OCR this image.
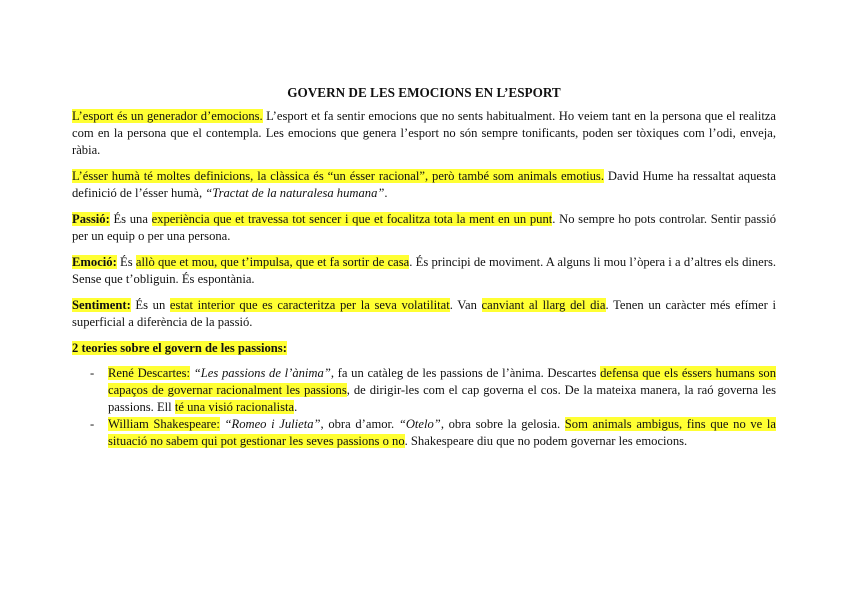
GOVERN DE LES EMOCIONS EN L’ESPORT

L’esport és un generador d’emocions. L’esport et fa sentir emocions que no sents habitualment. Ho veiem tant en la persona que el realitza com en la persona que el contempla. Les emocions que genera l’esport no són sempre tonificants, poden ser tòxiques com l’odi, enveja, ràbia.

L’ésser humà té moltes definicions, la clàssica és “un ésser racional”, però també som animals emotius. David Hume ha ressaltat aquesta definició de l’ésser humà, “Tractat de la naturalesa humana”.

Passió: És una experiència que et travessa tot sencer i que et focalitza tota la ment en un punt. No sempre ho pots controlar. Sentir passió per un equip o per una persona.

Emoció: És allò que et mou, que t’impulsa, que et fa sortir de casa. És principi de moviment. A alguns li mou l’òpera i a d’altres els diners. Sense que t’obliguin. És espontània.

Sentiment: És un estat interior que es caracteritza per la seva volatilitat. Van canviant al llarg del dia. Tenen un caràcter més efímer i superficial a diferència de la passió.

2 teories sobre el govern de les passions:
- René Descartes: “Les passions de l’ànima”, fa un catàleg de les passions de l’ànima. Descartes defensa que els éssers humans son capaços de governar racionalment les passions, de dirigir-les com el cap governa el cos. De la mateixa manera, la raó governa les passions. Ell té una visió racionalista.
- William Shakespeare: “Romeo i Julieta”, obra d’amor. “Otelo”, obra sobre la gelosia. Som animals ambigus, fins que no ve la situació no sabem qui pot gestionar les seves passions o no. Shakespeare diu que no podem governar les emocions.
